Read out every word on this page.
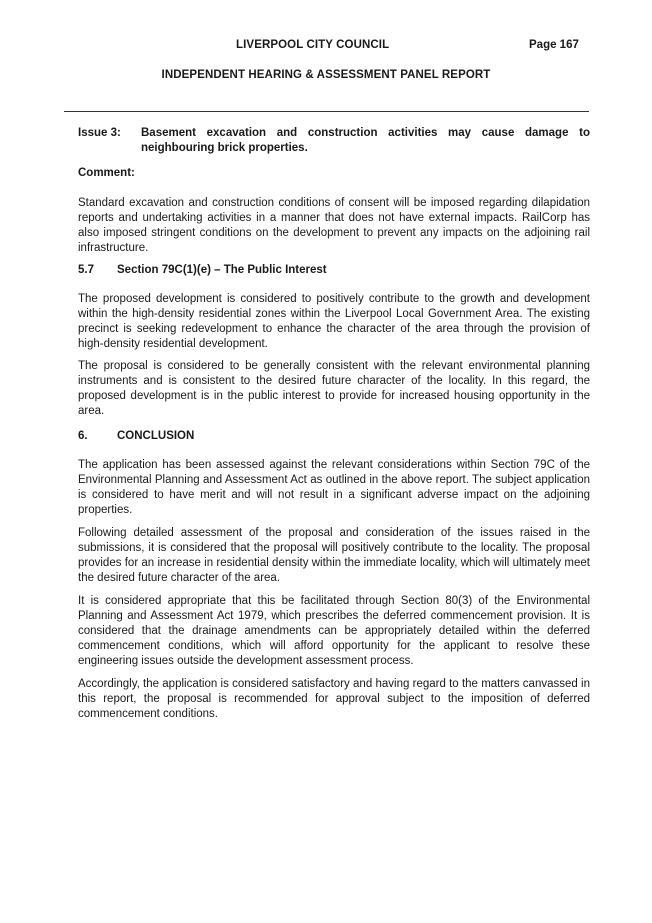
LIVERPOOL CITY COUNCIL	Page 167
INDEPENDENT HEARING & ASSESSMENT PANEL REPORT
Issue 3:	Basement excavation and construction activities may cause damage to neighbouring brick properties.
Comment:
Standard excavation and construction conditions of consent will be imposed regarding dilapidation reports and undertaking activities in a manner that does not have external impacts. RailCorp has also imposed stringent conditions on the development to prevent any impacts on the adjoining rail infrastructure.
5.7	Section 79C(1)(e) – The Public Interest
The proposed development is considered to positively contribute to the growth and development within the high-density residential zones within the Liverpool Local Government Area. The existing precinct is seeking redevelopment to enhance the character of the area through the provision of high-density residential development.
The proposal is considered to be generally consistent with the relevant environmental planning instruments and is consistent to the desired future character of the locality. In this regard, the proposed development is in the public interest to provide for increased housing opportunity in the area.
6.	CONCLUSION
The application has been assessed against the relevant considerations within Section 79C of the Environmental Planning and Assessment Act as outlined in the above report. The subject application is considered to have merit and will not result in a significant adverse impact on the adjoining properties.
Following detailed assessment of the proposal and consideration of the issues raised in the submissions, it is considered that the proposal will positively contribute to the locality. The proposal provides for an increase in residential density within the immediate locality, which will ultimately meet the desired future character of the area.
It is considered appropriate that this be facilitated through Section 80(3) of the Environmental Planning and Assessment Act 1979, which prescribes the deferred commencement provision. It is considered that the drainage amendments can be appropriately detailed within the deferred commencement conditions, which will afford opportunity for the applicant to resolve these engineering issues outside the development assessment process.
Accordingly, the application is considered satisfactory and having regard to the matters canvassed in this report, the proposal is recommended for approval subject to the imposition of deferred commencement conditions.
